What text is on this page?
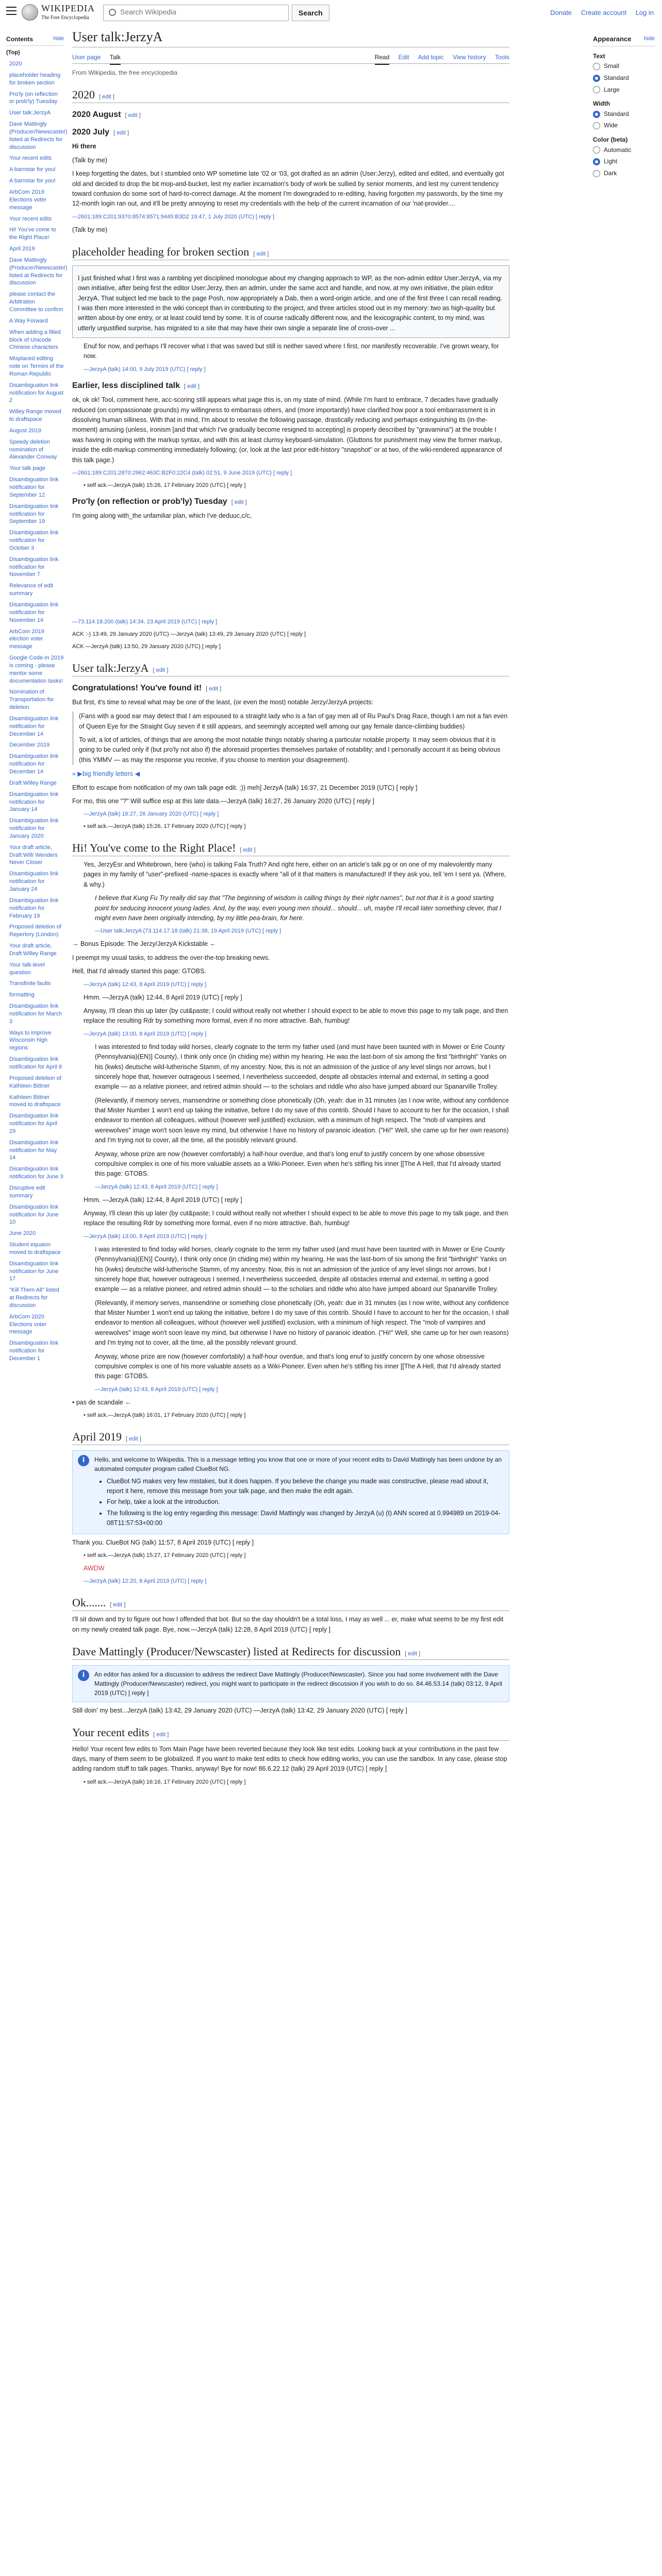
WIKIPEDIA
The Free Encyclopedia
Search Wikipedia
Search	Donate Create account Log in
Contents	hide
(Top)
2020
placeholder heading for broken section
Pro'ly (on reflection or prob'ly) Tuesday
User talk:JerzyA
Dave Mattingly (Producer/Newscaster) listed at Redirects for discussion
Your recent edits
A barnstar for you!
A barnstar for you!
ArbCom 2019 Elections voter message
Your recent edits
Hi! You've come to the Right Place!
April 2019
Dave Mattingly (Producer/Newscaster) listed at Redirects for discussion
please contact the Arbitration Committee to confirm
A Way Forward
When adding a filled block of Unicode Chinese characters
Misplaced editing note on Termini of the Roman Republic
Disambiguation link notification for August 2
Willey Range moved to draftspace
August 2019
Speedy deletion nomination of Alexander Conway
Your talk page
Disambiguation link notification for September 12
Disambiguation link notification for September 19
Disambiguation link notification for October 3
Disambiguation link notification for November 7
Relevance of edit summary
Disambiguation link notification for November 14
ArbCom 2019 election voter message
Google Code-In 2019 is coming - please mentor some documentation tasks!
Nomination of Transportation for deletion
Disambiguation link notification for December 14
December 2019
Disambiguation link notification for December 14
Draft:Willey Range
Disambiguation link notification for January 14
Disambiguation link notification for January 2020
Your draft article, Draft:Willi Wenders Never Closer
Disambiguation link notification for January 24
Disambiguation link notification for February 19
Proposed deletion of Repertory (London)
Your draft article, Draft:Willey Range
Your talk-level question
Transfinite faults
formatting
Disambiguation link notification for March 3
Ways to improve Wisconsin high regions
Disambiguation link notification for April 8
Proposed deletion of Kathleen Bittner
Kathleen Bittner moved to draftspace
Disambiguation link notification for April 29
Disambiguation link notification for May 14
Disambiguation link notification for June 3
Disruptive edit summary
Disambiguation link notification for June 10
June 2020
Student equaion moved to draftspace
Disambiguation link notification for June 17
"Kill Them All" listed at Redirects for discussion
ArbCom 2020 Elections voter message
Disambiguation link notification for December 1
User talk:JerzyA
User page Talk	Read Edit Add topic View history Tools
From Wikipedia, the free encyclopedia
2020 [ edit ]
2020 August [ edit ]
2020 July [ edit ]

Hi there

(Talk by me)

I keep forgetting the dates, but I stumbled onto WP sometime late '02 or '03, got drafted as an admin (User:Jerzy), edited and edited, and eventually got old and decided to drop the bit mop-and-bucket, lest my earlier incarnation's body of work be sullied by senior moments, and lest my current tendency toward confusion do some sort of hard-to-correct damage. At the moment I'm downgraded to re-editing, having forgotten my passwords, by the time my 12-month login ran out, and it'll be pretty annoying to reset my credentials with the help of the current incarnation of our 'nat-provider....

—2601:189:C201:9370:8574:8571:9445:B3D2 19:47, 1 July 2020 (UTC) [ reply ]

(Talk by me)

placeholder heading for broken section [ edit ]

I just finished what I first was a rambling yet disciplined monologue about my changing approach to WP, as the non-admin editor User:JerzyA, via my own initiative, after being first the editor User:Jerzy, then an admin, under the same acct and handle, and now, at my own initiative, the plain editor JerzyA. That subject led me back to the page Posh, now appropriately a Dab, then a word-origin article, and one of the first three I can recall reading. I was then more interested in the wiki concept than in contributing to the project, and three articles stood out in my memory: two as high-quality but written about-by one entry, or at least could tend by some. It is of course radically different now, and the lexicographic content, to my mind, was utterly unjustified surprise, has migrated to a site that may have their own single a separate line of cross-over ...

Enuf for now, and perhaps I'll recover what I that was saved but still is neither saved where I first, nor manifestly recoverable. I've grown weary, for now.

—JerzyA (talk) 14:00, 9 July 2019 (UTC) [ reply ]

Earlier, less disciplined talk [ edit ]

ok, ok ok! Tool, comment here, acc-scoring still appears what page this is, on my state of mind. (While I'm hard to embrace, 7 decades have gradually reduced (on compassionate grounds) my willingness to embarrass others, and (more importantly) have clarified how poor a tool embarrassment is in dissolving human silliness. With that in mind, I'm about to resolve the following passage, drastically reducing and perhaps extinguishing its (in-the-moment) amusing (unless, ironism [and that which I've gradually become resigned to accepting] is properly described by "gravamina") at the trouble I was having in coping with the markup syntax, and with this at least clumsy keyboard-simulation. (Gluttons for punishment may view the former markup, inside the edit-markup commenting immediately following; (or, look at the last prior edit-history "snapshot" or at two, of the wiki-rendered appearance of this talk page.)

—2601:189:C201:2870:2962:463C:B2F0:22C4 (talk) 02:51, 9 June 2019 (UTC) [ reply ]

• self ack.—JerzyA (talk) 15:26, 17 February 2020 (UTC) [ reply ]

Pro'ly (on reflection or prob'ly) Tuesday [ edit ]

I'm going along with_the unfamiliar plan, which I've deduuc,c/c,

—73.114.18.200 (talk) 14:34, 23 April 2019 (UTC) [ reply ]

ACK :-) 13:49, 29 January 2020 (UTC) —JerzyA (talk) 13:49, 29 January 2020 (UTC) [ reply ]

ACK —JerzyA (talk) 13:50, 29 January 2020 (UTC) [ reply ]

User talk:JerzyA [ edit ]
Congratulations! You've found it! [ edit ]

But first, it's time to reveal what may be one of the least, (or even the most) notable Jerzy/JerzyA projects:

(Fans with a good ear may detect that I am espoused to a straight lady who is a fan of gay men all of Ru Paul's Drag Race, though I am not a fan even of Queen Eye for the Straight Guy seven if it still appears, and seemingly accepted well among our gay female dance-climbing buddies)

To wit, a lot of articles, of things that are among the most notable things notably sharing a particular notable property. It may seem obvious that it is going to be curled only if (but pro'ly not also if) the aforesaid properties themselves partake of notability; and I personally account it as being obvious (this YMMV — as may the response you receive, if you choose to mention your disagreement).

» ▶big friendly letters ◀

Effort to escape from notification of my own talk page edit. ;)) meh] JerzyA (talk) 16:37, 21 December 2019 (UTC) [ reply ]

For mo, this one "?" Will suffice esp at this late data.—JerzyA (talk) 16:27, 26 January 2020 (UTC) [ reply ]

—JerzyA (talk) 16:27, 26 January 2020 (UTC) [ reply ]

• self ack.—JerzyA (talk) 15:26, 17 February 2020 (UTC) [ reply ]

Hi! You've come to the Right Place! [ edit ]

Yes, JerzyEsr and Whitebrown, here (who) is talking Fala Truth? And right here, either on an article's talk pg or on one of my malevolently many pages in my family of "user"-prefixed -name-spaces is exactly where "all of it that matters is manufactured! If they ask you, tell 'em I sent ya. (Where, & why.)

I believe that Kung Fu Try really did say that "The beginning of wisdom is calling things by their right names", but not that it is a good starting point for seducing innocent young ladies. And, by the way, even young men should... should... uh, maybe I'll recall later something clever, that I might even have been originally intending, by my little pea-brain, for here.

—User talk:JerzyA (73.114.17.18 (talk) 21:38, 19 April 2019 (UTC) [ reply ]

→ Bonus Episode: The Jerzy/JerzyA Kickstable ←

I preempt my usual tasks, to address the over-the-top breaking news.

Hell, that I'd already started this page: GTOBS.

—JerzyA (talk) 12:43, 8 April 2019 (UTC) [ reply ]

Hmm. —JerzyA (talk) 12:44, 8 April 2019 (UTC) [ reply ]

Anyway, I'll clean this up later (by cut&paste; I could without really not whether I should expect to be able to move this page to my talk page, and then replace the resulting Rdr by something more formal, even if no more attractive. Bah, humbug!

—JerzyA (talk) 13:00, 8 April 2019 (UTC) [ reply ]

I was interested to find today wild horses, clearly cognate to the term my father used (and must have been taunted with in Mower or Erie County (Pennsylvania)(EN)] County), I think only once (in chiding me) within my hearing. He was the last-born of six among the first "birthright" Yanks on his (kwks) deutsche wild-lutherische Stamm, of my ancestry. Now, this is not an admission of the justice of any level slings nor arrows, but I sincerely hope that, however outrageous I seemed, I nevertheless succeeded, despite all obstacles internal and external, in setting a good example — as a relative pioneer, and retired admin should — to the scholars and riddle who also have jumped aboard our Spanarville Trolley.

(Relevantly, if memory serves, mansendrine or something close phonetically (Oh, yeah: due in 31 minutes (as I now write, without any confidence that Mister Number 1 won't end up taking the initiative, before I do my save of this contrib. Should I have to account to her for the occasion, I shall endeavor to mention all colleagues, without (however well justified) exclusion, with a minimum of high respect. The "mob of vampires and werewolves" image won't soon leave my mind, but otherwise I have no history of paranoic ideation. ("Hi!" Well, she came up for her own reasons) and I'm trying not to cover, all the time, all the possibly relevant ground.

Anyway, whose prize are now (however comfortably) a half-hour overdue, and that's long enuf to justify concern by one whose obsessive compulsive complex is one of his more valuable assets as a Wiki-Pioneer. Even when he's stifling his inner [[The A Hell, that I'd already started this page: GTOBS.

—JerzyA (talk) 12:43, 8 April 2019 (UTC) [ reply ]

Hmm. —JerzyA (talk) 12:44, 8 April 2019 (UTC) [ reply ]

Anyway, I'll clean this up later (by cut&paste; I could without really not whether I should expect to be able to move this page to my talk page, and then replace the resulting Rdr by something more formal, even if no more attractive. Bah, humbug!

—JerzyA (talk) 13:00, 8 April 2019 (UTC) [ reply ]

I was interested to find today wild horses, clearly cognate to the term my father used (and must have been taunted with in Mower or Erie County (Pennsylvania)(EN)] County), I think only once (in chiding me) within my hearing. He was the last-born of six among the first "birthright" Yanks on his (kwks) deutsche wild-lutherische Stamm, of my ancestry. Now, this is not an admission of the justice of any level slings nor arrows, but I sincerely hope that, however outrageous I seemed, I nevertheless succeeded, despite all obstacles internal and external, in setting a good example — as a relative pioneer, and retired admin should — to the scholars and riddle who also have jumped aboard our Spanarville Trolley.

(Relevantly, if memory serves, mansendrine or something close phonetically (Oh, yeah: due in 31 minutes (as I now write, without any confidence that Mister Number 1 won't end up taking the initiative, before I do my save of this contrib. Should I have to account to her for the occasion, I shall endeavor to mention all colleagues, without (however well justified) exclusion, with a minimum of high respect. The "mob of vampires and werewolves" image won't soon leave my mind, but otherwise I have no history of paranoic ideation. ("Hi!" Well, she came up for her own reasons) and I'm trying not to cover, all the time, all the possibly relevant ground.

Anyway, whose prize are now (however comfortably) a half-hour overdue, and that's long enuf to justify concern by one whose obsessive compulsive complex is one of his more valuable assets as a Wiki-Pioneer. Even when he's stifling his inner [[The A Hell, that I'd already started this page: GTOBS.

—JerzyA (talk) 12:43, 8 April 2019 (UTC) [ reply ]

• pas de scandale ←

• self ack.—JerzyA (talk) 16:01, 17 February 2020 (UTC) [ reply ]

April 2019 [ edit ]
i	Hello, and welcome to Wikipedia. This is a message letting you know that one or more of your recent edits to David Mattingly has been undone by an automated computer program called ClueBot NG.
• ClueBot NG makes very few mistakes, but it does happen. If you believe the change you made was constructive, please read about it, report it here, remove this message from your talk page, and then make the edit again.
• For help, take a look at the introduction.
• The following is the log entry regarding this message: David Mattingly was changed by JerzyA (u) (t) ANN scored at 0.994989 on 2019-04-08T11:57:53+00:00

Thank you. ClueBot NG (talk) 11:57, 8 April 2019 (UTC) [ reply ]

• self ack.—JerzyA (talk) 15:27, 17 February 2020 (UTC) [ reply ]

AWDW

—JerzyA (talk) 12:20, 8 April 2019 (UTC) [ reply ]

Ok....... [ edit ]

I'll sit down and try to figure out how I offended that bot. But so the day shouldn't be a total loss, I may as well ... er, make what seems to be my first edit on my newly created talk page. Bye, now.—JerzyA (talk) 12:28, 8 April 2019 (UTC) [ reply ]

Dave Mattingly (Producer/Newscaster) listed at Redirects for discussion [ edit ]
i	An editor has asked for a discussion to address the redirect Dave Mattingly (Producer/Newscaster). Since you had some involvement with the Dave Mattingly (Producer/Newscaster) redirect, you might want to participate in the redirect discussion if you wish to do so. 84.46.53.14 (talk) 03:12, 9 April 2019 (UTC) [ reply ]

Still doin' my best...JerzyA (talk) 13:42, 29 January 2020 (UTC) —JerzyA (talk) 13:42, 29 January 2020 (UTC) [ reply ]

Your recent edits [ edit ]

Hello! Your recent few edits to Tom Main Page have been reverted because they look like test edits. Looking back at your contributions in the past few days, many of them seem to be globalized. If you want to make test edits to check how editing works, you can use the sandbox. In any case, please stop adding random stuff to talk pages. Thanks, anyway! Bye for now! 86.6.22.12 (talk) 29 April 2019 (UTC) [ reply ]

• self ack.—JerzyA (talk) 16:16, 17 February 2020 (UTC) [ reply ]

Appearance hide
Text
Small
Standard
Large
Width
Standard
Wide
Color (beta)
Automatic
Light
Dark
